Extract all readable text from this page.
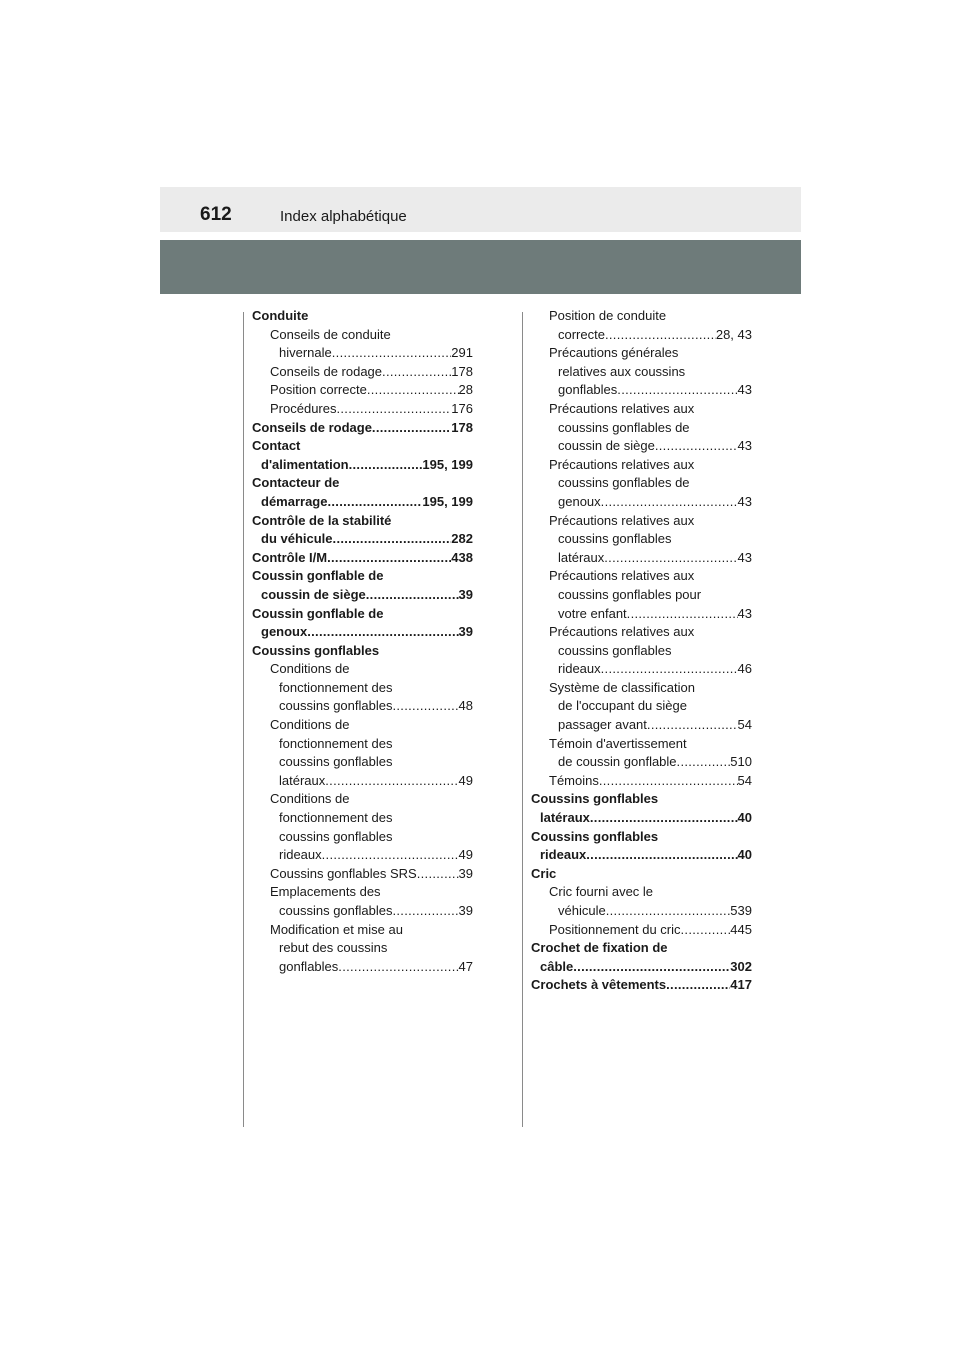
612	Index alphabétique
Conduite
Conseils de conduite
hivernale .....	291
Conseils de rodage .....	178
Position correcte .....	28
Procédures .....	176
Conseils de rodage .....	178
Contact
d'alimentation .....	195, 199
Contacteur de
démarrage .....	195, 199
Contrôle de la stabilité
du véhicule .....	282
Contrôle I/M .....	438
Coussin gonflable de
coussin de siège .....	39
Coussin gonflable de
genoux .....	39
Coussins gonflables
Conditions de
fonctionnement des
coussins gonflables .....	48
Conditions de
fonctionnement des
coussins gonflables
latéraux .....	49
Conditions de
fonctionnement des
coussins gonflables
rideaux .....	49
Coussins gonflables SRS .....	39
Emplacements des
coussins gonflables .....	39
Modification et mise au
rebut des coussins
gonflables .....	47
Position de conduite
correcte .....	28, 43
Précautions générales
relatives aux coussins
gonflables .....	43
Précautions relatives aux
coussins gonflables de
coussin de siège .....	43
Précautions relatives aux
coussins gonflables de
genoux .....	43
Précautions relatives aux
coussins gonflables
latéraux .....	43
Précautions relatives aux
coussins gonflables pour
votre enfant .....	43
Précautions relatives aux
coussins gonflables
rideaux .....	46
Système de classification
de l'occupant du siège
passager avant .....	54
Témoin d'avertissement
de coussin gonflable .....	510
Témoins .....	54
Coussins gonflables
latéraux .....	40
Coussins gonflables
rideaux .....	40
Cric
Cric fourni avec le
véhicule .....	539
Positionnement du cric .....	445
Crochet de fixation de
câble .....	302
Crochets à vêtements .....	417
